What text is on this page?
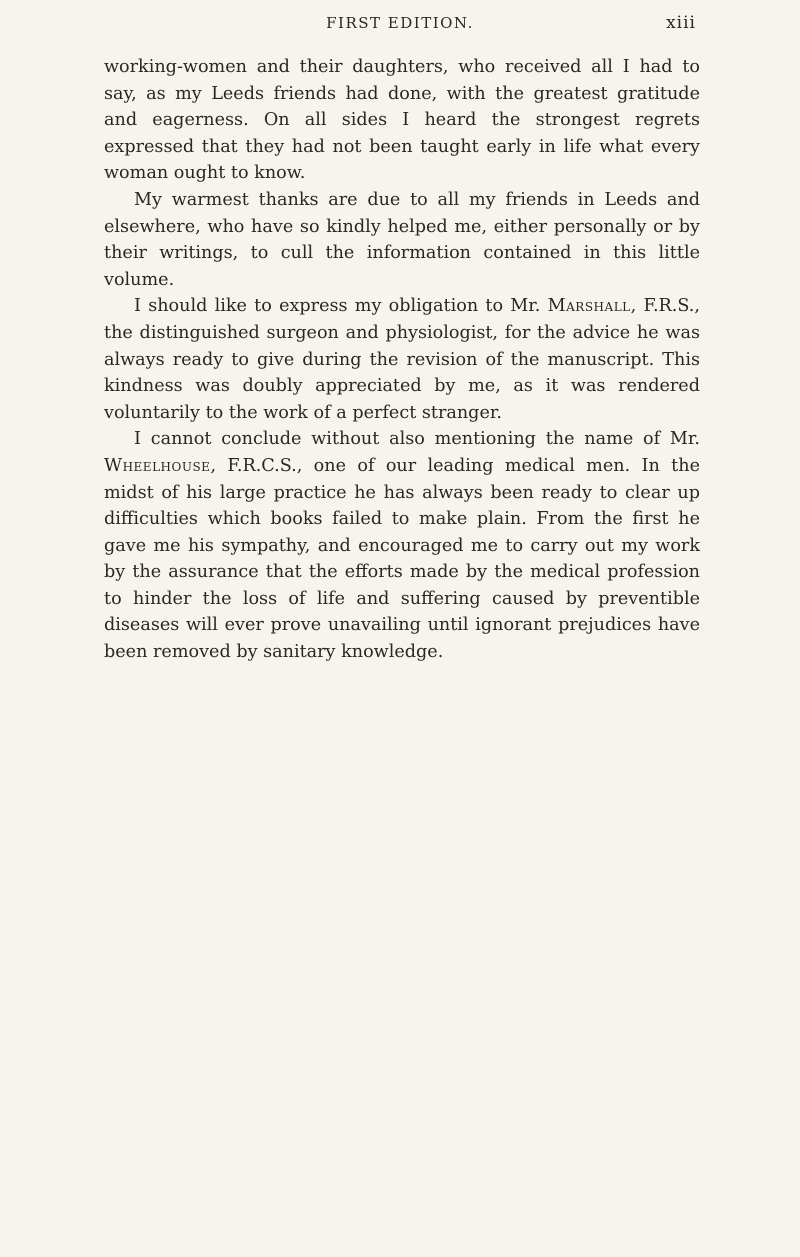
FIRST EDITION.	xiii

working-women and their daughters, who received all I had to say, as my Leeds friends had done, with the greatest gratitude and eagerness. On all sides I heard the strongest regrets expressed that they had not been taught early in life what every woman ought to know.

My warmest thanks are due to all my friends in Leeds and elsewhere, who have so kindly helped me, either personally or by their writings, to cull the information contained in this little volume.

I should like to express my obligation to Mr. Marshall, F.R.S., the distinguished surgeon and physiologist, for the advice he was always ready to give during the revision of the manuscript. This kindness was doubly appreciated by me, as it was rendered voluntarily to the work of a perfect stranger.

I cannot conclude without also mentioning the name of Mr. Wheelhouse, F.R.C.S., one of our leading medical men. In the midst of his large practice he has always been ready to clear up difficulties which books failed to make plain. From the first he gave me his sympathy, and encouraged me to carry out my work by the assurance that the efforts made by the medical profession to hinder the loss of life and suffering caused by preventible diseases will ever prove unavailing until ignorant prejudices have been removed by sanitary knowledge.
